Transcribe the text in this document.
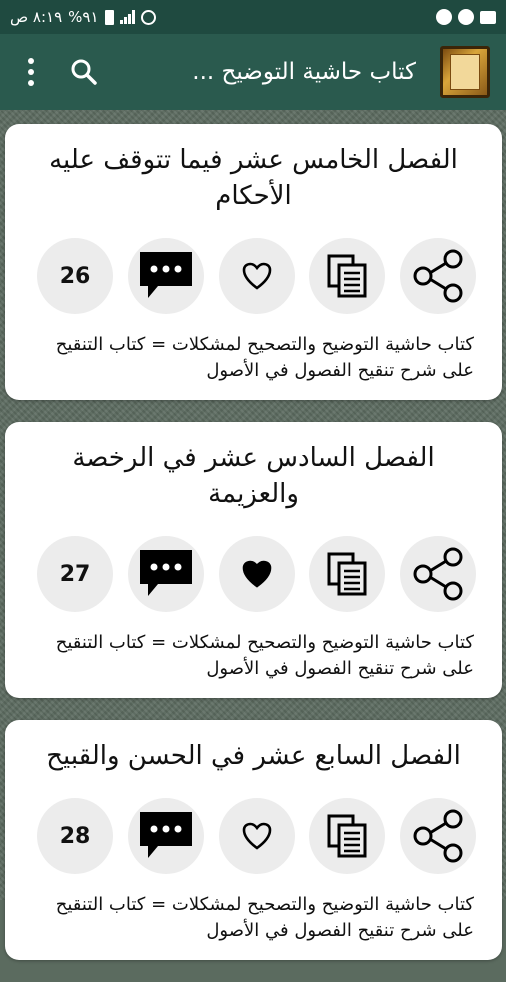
٨:١٩ ص %٩١
كتاب حاشية التوضيح ...
الفصل الخامس عشر فيما تتوقف عليه الأحكام
26
كتاب حاشية التوضيح والتصحيح لمشكلات = كتاب التنقيح على شرح تنقيح الفصول في الأصول
الفصل السادس عشر في الرخصة والعزيمة
27
كتاب حاشية التوضيح والتصحيح لمشكلات = كتاب التنقيح على شرح تنقيح الفصول في الأصول
الفصل السابع عشر في الحسن والقبيح
28
كتاب حاشية التوضيح والتصحيح لمشكلات = كتاب التنقيح على شرح تنقيح الفصول في الأصول
